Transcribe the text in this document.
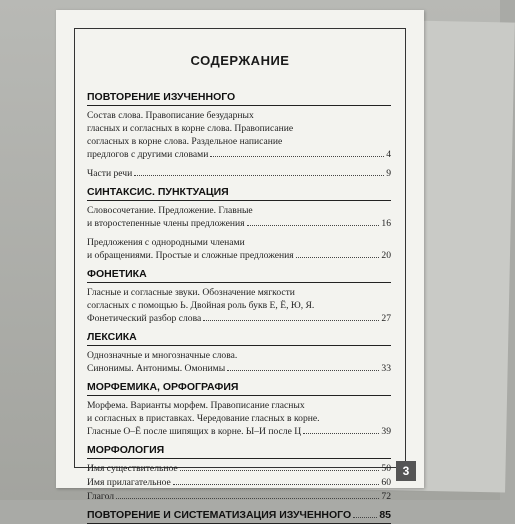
СОДЕРЖАНИЕ
ПОВТОРЕНИЕ ИЗУЧЕННОГО
Состав слова. Правописание безударных
гласных и согласных в корне слова. Правописание
согласных в корне слова. Раздельное написание
предлогов с другими словами	4
Части речи	9
СИНТАКСИС. ПУНКТУАЦИЯ
Словосочетание. Предложение. Главные
и второстепенные члены предложения	16
Предложения с однородными членами
и обращениями. Простые и сложные предложения	20
ФОНЕТИКА
Гласные и согласные звуки. Обозначение мягкости
согласных с помощью Ь. Двойная роль букв Е, Ё, Ю, Я.
Фонетический разбор слова	27
ЛЕКСИКА
Однозначные и многозначные слова.
Синонимы. Антонимы. Омонимы	33
МОРФЕМИКА, ОРФОГРАФИЯ
Морфема. Варианты морфем. Правописание гласных
и согласных в приставках. Чередование гласных в корне.
Гласные О–Ё после шипящих в корне. Ы–И после Ц	39
МОРФОЛОГИЯ
Имя существительное	50
Имя прилагательное	60
Глагол	72
ПОВТОРЕНИЕ И СИСТЕМАТИЗАЦИЯ ИЗУЧЕННОГО	85
3
